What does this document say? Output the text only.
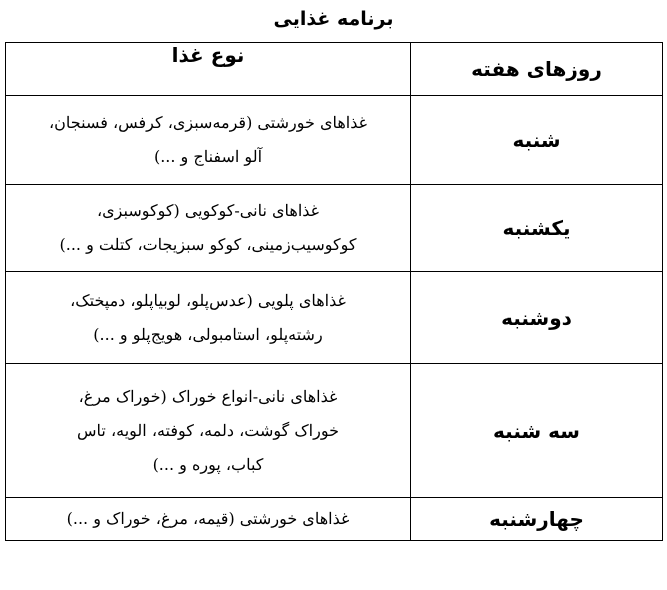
برنامه غذایی
روزهای هفته	نوع غذا
شنبه	غذاهای خورشتی (قرمه‌سبزی، کرفس، فسنجان،
آلو اسفناج و ...)

یکشنبه	غذاهای نانی-کوکویی (کوکوسبزی،
کوکوسیب‌زمینی، کوکو سبزیجات، کتلت و ...)

دوشنبه	غذاهای پلویی (عدس‌پلو، لوبیاپلو، دمپختک،
رشته‌پلو، استامبولی، هویج‌پلو و ...)

سه شنبه	غذاهای نانی-انواع خوراک (خوراک مرغ،
خوراک گوشت، دلمه، کوفته، الویه، تاس
کباب، پوره و ...)

چهارشنبه	غذاهای خورشتی (قیمه، مرغ، خوراک و ...)
